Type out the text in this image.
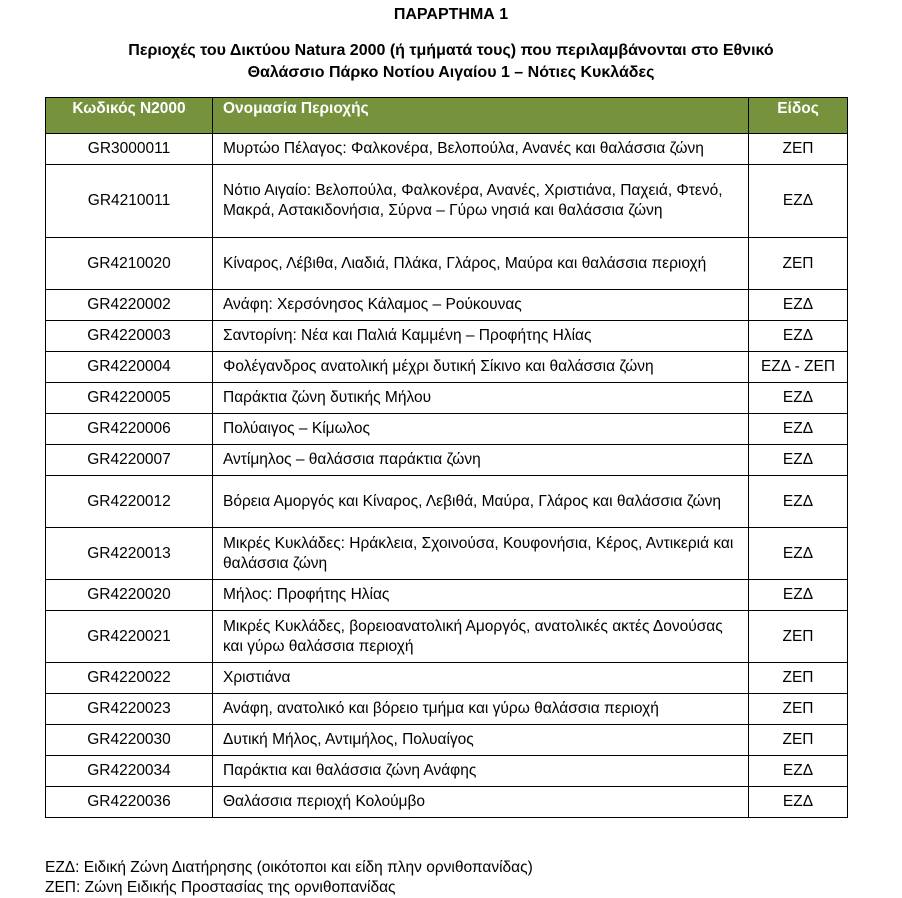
ΠΑΡΑΡΤΗΜΑ 1
Περιοχές του Δικτύου Natura 2000 (ή τμήματά τους) που περιλαμβάνονται στο Εθνικό
Θαλάσσιο Πάρκο Νοτίου Αιγαίου 1 – Νότιες Κυκλάδες
Κωδικός Ν2000	Ονομασία Περιοχής	Είδος
GR3000011	Μυρτώο Πέλαγος: Φαλκονέρα, Βελοπούλα, Ανανές και θαλάσσια ζώνη	ΖΕΠ
GR4210011	Νότιο Αιγαίο: Βελοπούλα, Φαλκονέρα, Ανανές, Χριστιάνα, Παχειά, Φτενό, Μακρά, Αστακιδονήσια, Σύρνα – Γύρω νησιά και θαλάσσια ζώνη	ΕΖΔ
GR4210020	Κίναρος, Λέβιθα, Λιαδιά, Πλάκα, Γλάρος, Μαύρα και θαλάσσια περιοχή	ΖΕΠ
GR4220002	Ανάφη: Χερσόνησος Κάλαμος – Ρούκουνας	ΕΖΔ
GR4220003	Σαντορίνη: Νέα και Παλιά Καμμένη – Προφήτης Ηλίας	ΕΖΔ
GR4220004	Φολέγανδρος ανατολική μέχρι δυτική Σίκινο και θαλάσσια ζώνη	ΕΖΔ - ΖΕΠ
GR4220005	Παράκτια ζώνη δυτικής Μήλου	ΕΖΔ
GR4220006	Πολύαιγος – Κίμωλος	ΕΖΔ
GR4220007	Αντίμηλος – θαλάσσια παράκτια ζώνη	ΕΖΔ
GR4220012	Βόρεια Αμοργός και Κίναρος, Λεβιθά, Μαύρα, Γλάρος και θαλάσσια ζώνη	ΕΖΔ
GR4220013	Μικρές Κυκλάδες: Ηράκλεια, Σχοινούσα, Κουφονήσια, Κέρος, Αντικεριά και θαλάσσια ζώνη	ΕΖΔ
GR4220020	Μήλος: Προφήτης Ηλίας	ΕΖΔ
GR4220021	Μικρές Κυκλάδες, βορειοανατολική Αμοργός, ανατολικές ακτές Δονούσας και γύρω θαλάσσια περιοχή	ΖΕΠ
GR4220022	Χριστιάνα	ΖΕΠ
GR4220023	Ανάφη, ανατολικό και βόρειο τμήμα και γύρω θαλάσσια περιοχή	ΖΕΠ
GR4220030	Δυτική Μήλος, Αντιμήλος, Πολυαίγος	ΖΕΠ
GR4220034	Παράκτια και θαλάσσια ζώνη Ανάφης	ΕΖΔ
GR4220036	Θαλάσσια περιοχή Κολούμβο	ΕΖΔ
ΕΖΔ: Ειδική Ζώνη Διατήρησης (οικότοποι και είδη πλην ορνιθοπανίδας)
ΖΕΠ: Ζώνη Ειδικής Προστασίας της ορνιθοπανίδας
